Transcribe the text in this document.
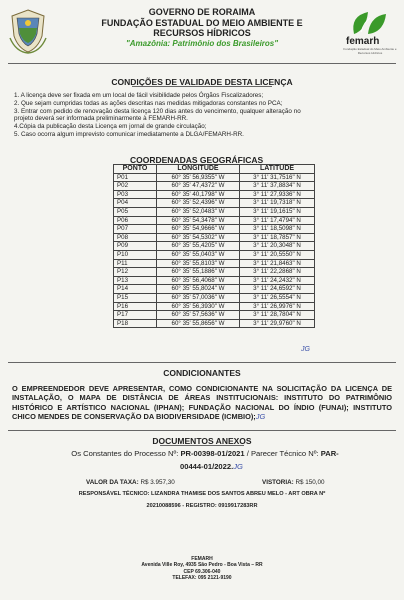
GOVERNO DE RORAIMA
FUNDAÇÃO ESTADUAL DO MEIO AMBIENTE E
RECURSOS HÍDRICOS
"Amazônia: Patrimônio dos Brasileiros"	femarh
Fundação Estadual do Meio Ambiente e Recursos Hídricos
CONDIÇÕES DE VALIDADE DESTA LICENÇA
1. A licença deve ser fixada em um local de fácil visibilidade pelos Órgãos Fiscalizadores;
2. Que sejam cumpridas todas as ações descritas nas medidas mitigadoras constantes no PCA;
3. Entrar com pedido de renovação desta licença 120 dias antes do vencimento, qualquer alteração no
projeto deverá ser informada preliminarmente à FEMARH-RR.
4.Cópia da publicação desta Licença em jornal de grande circulação;
5. Caso ocorra algum imprevisto comunicar imediatamente a DLGA/FEMARH-RR.
COORDENADAS GEOGRÁFICAS
PONTO	LONGITUDE	LATITUDE
P01	60° 35' 56,9355" W	3° 11' 31,7516" N
P02	60° 35' 47,4372" W	3° 11' 37,8834" N
P03	60° 35' 40,1798" W	3° 11' 27,9336" N
P04	60° 35' 52,4396" W	3° 11' 19,7318" N
P05	60° 35' 52,0483" W	3° 11' 19,1615" N
P06	60° 35' 54,3478" W	3° 11' 17,4794" N
P07	60° 35' 54,9666" W	3° 11' 18,5098" N
P08	60° 35' 54,5302" W	3° 11' 18,7857" N
P09	60° 35' 55,4205" W	3° 11' 20,3048" N
P10	60° 35' 55,0403" W	3° 11' 20,5550" N
P11	60° 35' 55,8103" W	3° 11' 21,8463" N
P12	60° 35' 55,1886" W	3° 11' 22,2868" N
P13	60° 35' 56,4068" W	3° 11' 24,2432" N
P14	60° 35' 55,8024" W	3° 11' 24,6592" N
P15	60° 35' 57,0036" W	3° 11' 26,5554" N
P16	60° 35' 56,3930" W	3° 11' 26,9976" N
P17	60° 35' 57,5636" W	3° 11' 28,7804" N
P18	60° 35' 55,8656" W	3° 11' 29,9760" N
JG
CONDICIONANTES
O EMPREENDEDOR DEVE APRESENTAR, COMO CONDICIONANTE NA SOLICITAÇÃO DA LICENÇA DE INSTALAÇÃO, O MAPA DE DISTÂNCIA DE ÁREAS INSTITUCIONAIS: INSTITUTO DO PATRIMÔNIO HISTÓRICO E ARTÍSTICO NACIONAL (IPHAN); FUNDAÇÃO NACIONAL DO ÍNDIO (FUNAI); INSTITUTO CHICO MENDES DE CONSERVAÇÃO DA BIODIVERSIDADE (ICMBIO);JG
DOCUMENTOS ANEXOS
Os Constantes do Processo Nº: PR-00398-01/2021 / Parecer Técnico Nº: PAR-
00444-01/2022.JG
VALOR DA TAXA: R$ 3.957,30	VISTORIA: R$ 150,00
RESPONSÁVEL TÉCNICO: LIZANDRA THAMISE DOS SANTOS ABREU MELO - ART OBRA Nº
20210088596 - REGISTRO: 0919917283RR
FEMARH
Avenida Ville Roy, 4935 São Pedro - Boa Vista – RR
CEP 69.306-040
TELEFAX: 095 2121-9190
